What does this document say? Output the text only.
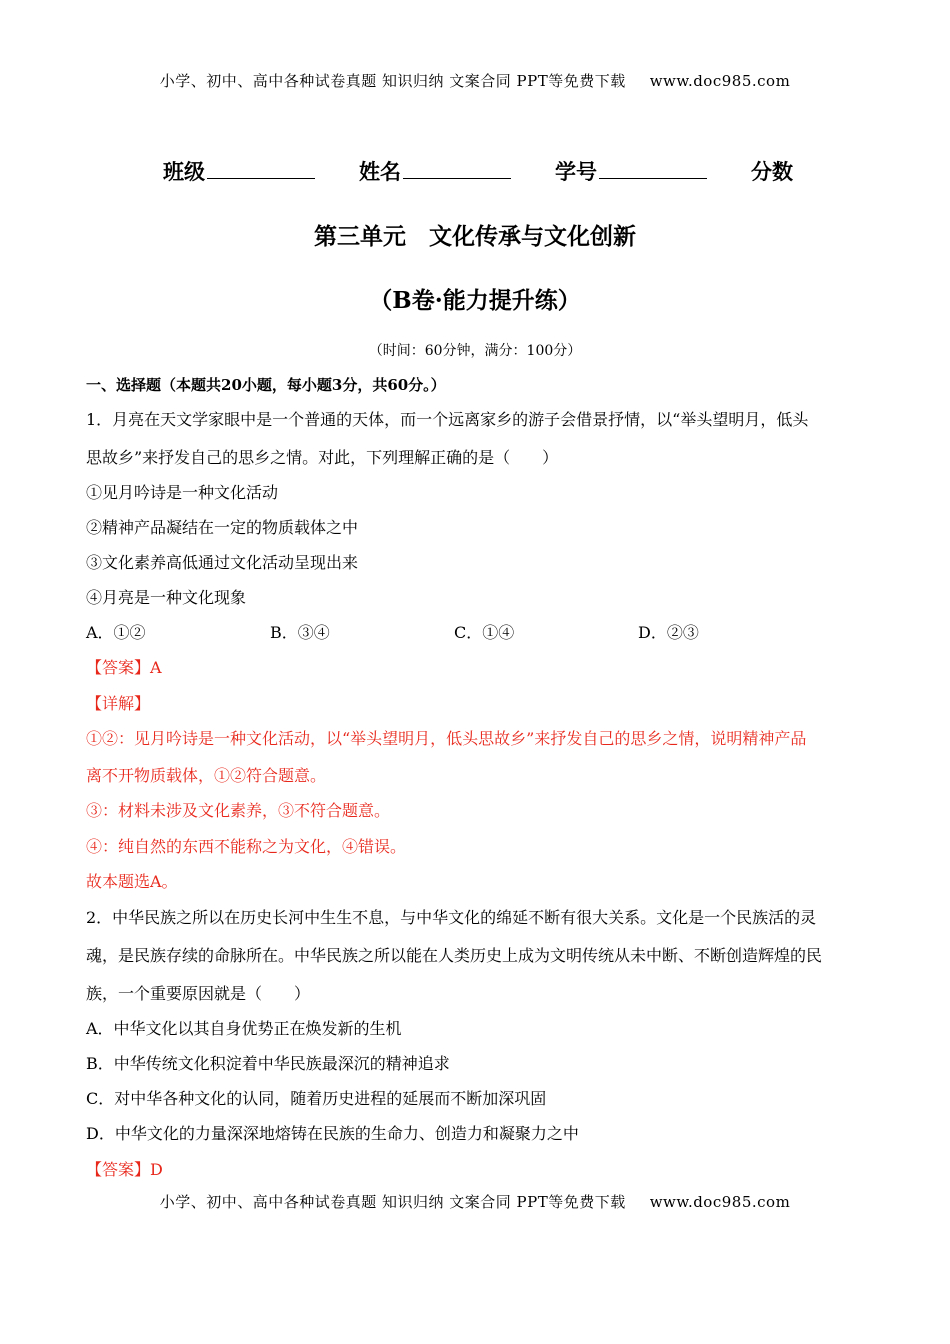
小学、初中、高中各种试卷真题 知识归纳 文案合同 PPT等免费下载 www.doc985.com
班级	姓名	学号	分数
第三单元　文化传承与文化创新
（B卷·能力提升练）
（时间：60分钟，满分：100分）
一、选择题（本题共20小题，每小题3分，共60分。）
1．月亮在天文学家眼中是一个普通的天体，而一个远离家乡的游子会借景抒情，以“举头望明月，低头
思故乡”来抒发自己的思乡之情。对此，下列理解正确的是（　　）
①见月吟诗是一种文化活动
②精神产品凝结在一定的物质载体之中
③文化素养高低通过文化活动呈现出来
④月亮是一种文化现象
A．①②	B．③④	C．①④	D．②③
【答案】A
【详解】
①②：见月吟诗是一种文化活动，以“举头望明月，低头思故乡”来抒发自己的思乡之情，说明精神产品
离不开物质载体，①②符合题意。
③：材料未涉及文化素养，③不符合题意。
④：纯自然的东西不能称之为文化，④错误。
故本题选A。
2．中华民族之所以在历史长河中生生不息，与中华文化的绵延不断有很大关系。文化是一个民族活的灵
魂，是民族存续的命脉所在。中华民族之所以能在人类历史上成为文明传统从未中断、不断创造辉煌的民
族，一个重要原因就是（　　）
A．中华文化以其自身优势正在焕发新的生机
B．中华传统文化积淀着中华民族最深沉的精神追求
C．对中华各种文化的认同，随着历史进程的延展而不断加深巩固
D．中华文化的力量深深地熔铸在民族的生命力、创造力和凝聚力之中
【答案】D
小学、初中、高中各种试卷真题 知识归纳 文案合同 PPT等免费下载 www.doc985.com
